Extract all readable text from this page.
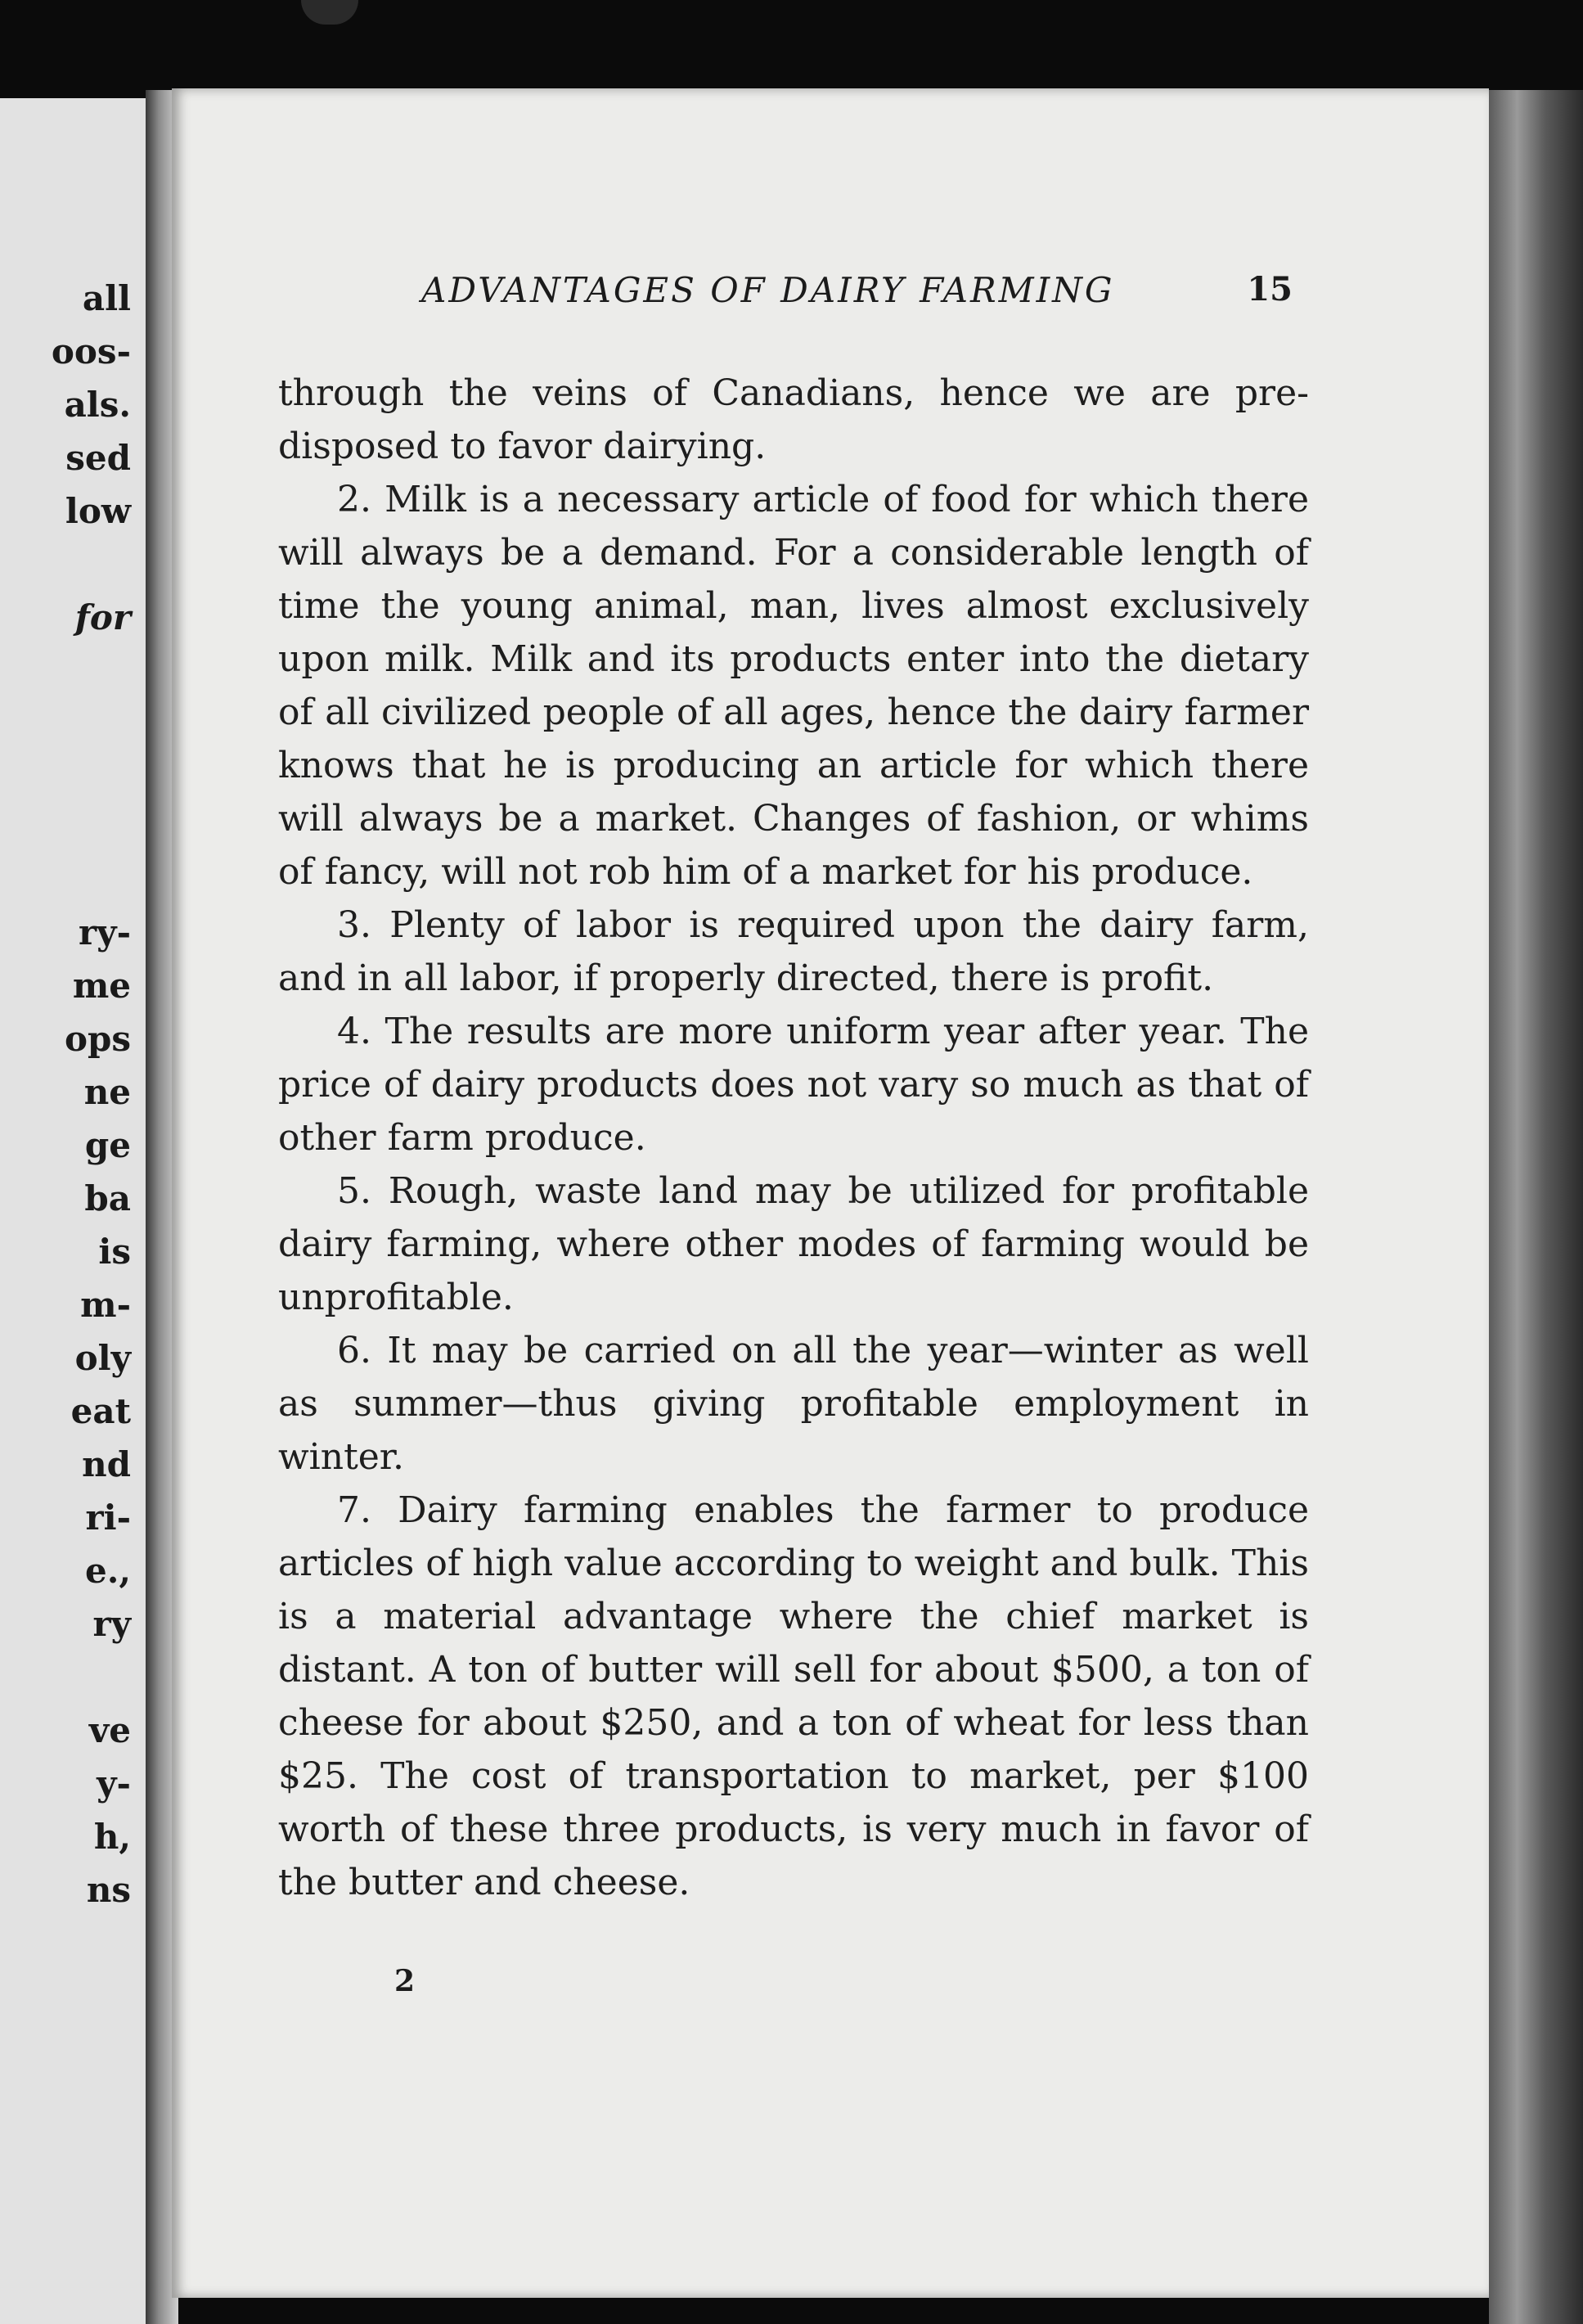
all
oos-
als.
sed
low
for
ry-
me
ops
ne
ge
ba
is
m-
oly
eat
nd
ri-
e.,
ry
ve
y-
h,
ns
ADVANTAGES OF DAIRY FARMING	15

through the veins of Canadians, hence we are pre-disposed to favor dairying.

2. Milk is a necessary article of food for which there will always be a demand. For a considerable length of time the young animal, man, lives almost exclusively upon milk. Milk and its products enter into the dietary of all civilized people of all ages, hence the dairy farmer knows that he is producing an article for which there will always be a market. Changes of fashion, or whims of fancy, will not rob him of a market for his produce.

3. Plenty of labor is required upon the dairy farm, and in all labor, if properly directed, there is profit.

4. The results are more uniform year after year. The price of dairy products does not vary so much as that of other farm produce.

5. Rough, waste land may be utilized for profitable dairy farming, where other modes of farming would be unprofitable.

6. It may be carried on all the year—winter as well as summer—thus giving profitable employment in winter.

7. Dairy farming enables the farmer to produce articles of high value according to weight and bulk. This is a material advantage where the chief market is distant. A ton of butter will sell for about $500, a ton of cheese for about $250, and a ton of wheat for less than $25. The cost of transportation to market, per $100 worth of these three products, is very much in favor of the butter and cheese.

2
